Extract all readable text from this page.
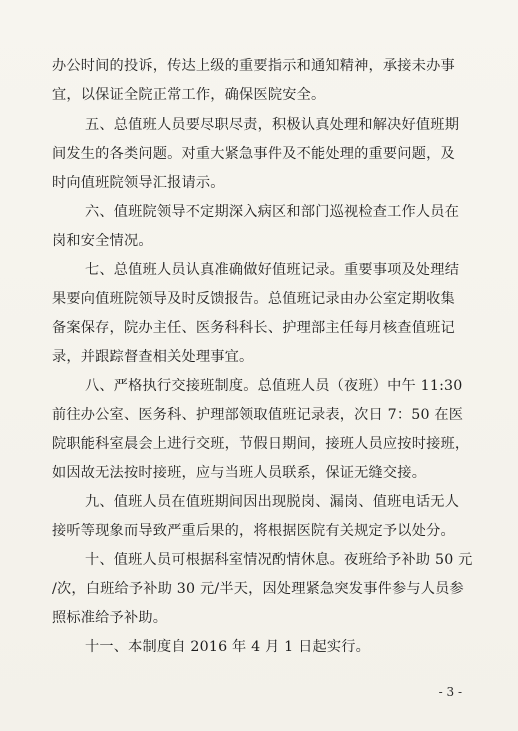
办公时间的投诉，传达上级的重要指示和通知精神，承接未办事
宜，以保证全院正常工作，确保医院安全。
五、总值班人员要尽职尽责，积极认真处理和解决好值班期
间发生的各类问题。对重大紧急事件及不能处理的重要问题，及
时向值班院领导汇报请示。
六、值班院领导不定期深入病区和部门巡视检查工作人员在
岗和安全情况。
七、总值班人员认真准确做好值班记录。重要事项及处理结
果要向值班院领导及时反馈报告。总值班记录由办公室定期收集
备案保存，院办主任、医务科科长、护理部主任每月核查值班记
录，并跟踪督查相关处理事宜。
八、严格执行交接班制度。总值班人员（夜班）中午 11:30
前往办公室、医务科、护理部领取值班记录表，次日 7：50 在医
院职能科室晨会上进行交班，节假日期间，接班人员应按时接班，
如因故无法按时接班，应与当班人员联系，保证无缝交接。
九、值班人员在值班期间因出现脱岗、漏岗、值班电话无人
接听等现象而导致严重后果的，将根据医院有关规定予以处分。
十、值班人员可根据科室情况酌情休息。夜班给予补助 50 元
/次，白班给予补助 30 元/半天，因处理紧急突发事件参与人员参
照标准给予补助。
十一、本制度自 2016 年 4 月 1 日起实行。
- 3 -
